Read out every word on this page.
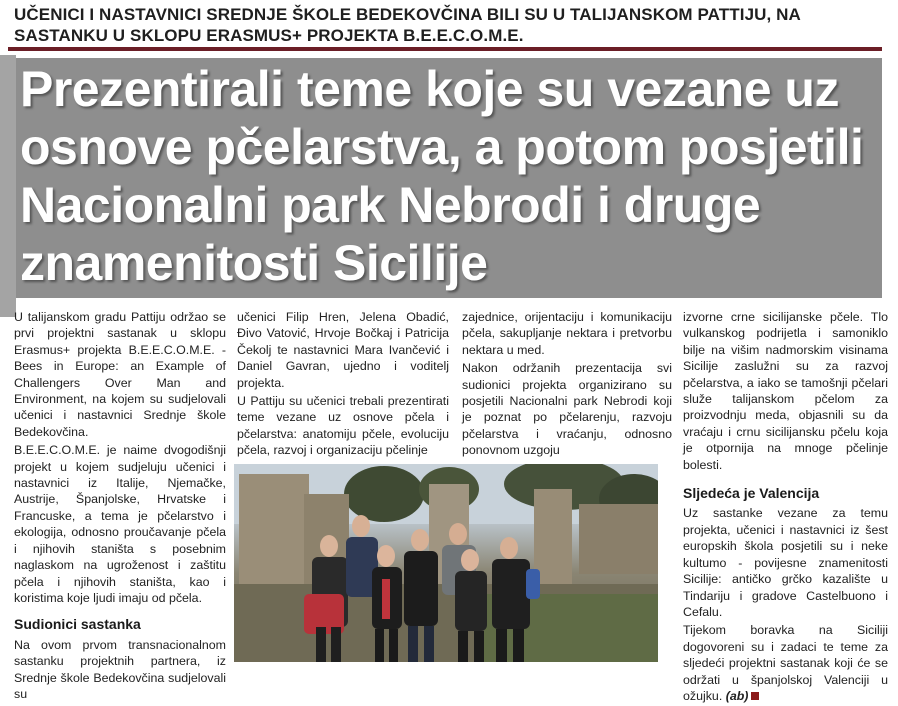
UČENICI I NASTAVNICI SREDNJE ŠKOLE BEDEKOVČINA BILI SU U TALIJANSKOM PATTIJU, NA SASTANKU U SKLOPU ERASMUS+ PROJEKTA B.E.E.C.O.M.E.
Prezentirali teme koje su vezane uz osnove pčelarstva, a potom posjetili Nacionalni park Nebrodi i druge znamenitosti Sicilije

U talijanskom gradu Pattiju održao se prvi projektni sastanak u sklopu Erasmus+ projekta B.E.E.C.O.M.E. - Bees in Europe: an Example of Challengers Over Man and Environment, na kojem su sudjelovali učenici i nastavnici Srednje škole Bedekovčina.

B.E.E.C.O.M.E. je naime dvogodišnji projekt u kojem sudjeluju učenici i nastavnici iz Italije, Njemačke, Austrije, Španjolske, Hrvatske i Francuske, a tema je pčelarstvo i ekologija, odnosno proučavanje pčela i njihovih staništa s posebnim naglaskom na ugroženost i zaštitu pčela i njihovih staništa, kao i koristima koje ljudi imaju od pčela.

Sudionici sastanka

Na ovom prvom transnacionalnom sastanku projektnih partnera, iz Srednje škole Bedekovčina sudjelovali su

učenici Filip Hren, Jelena Obadić, Đivo Vatović, Hrvoje Bočkaj i Patricija Čekolj te nastavnici Mara Ivančević i Daniel Gavran, ujedno i voditelj projekta.

U Pattiju su učenici trebali prezentirati teme vezane uz osnove pčela i pčelarstva: anatomiju pčele, evoluciju pčela, razvoj i organizaciju pčelinje

zajednice, orijentaciju i komunikaciju pčela, sakupljanje nektara i pretvorbu nektara u med.

Nakon održanih prezentacija svi sudionici projekta organizirano su posjetili Nacionalni park Nebrodi koji je poznat po pčelarenju, razvoju pčelarstva i vraćanju, odnosno ponovnom uzgoju

izvorne crne sicilijanske pčele. Tlo vulkanskog podrijetla i samoniklo bilje na višim nadmorskim visinama Sicilije zaslužni su za razvoj pčelarstva, a iako se tamošnji pčelari služe talijanskom pčelom za proizvodnju meda, objasnili su da vraćaju i crnu sicilijansku pčelu koja je otpornija na mnoge pčelinje bolesti.

Sljedeća je Valencija

Uz sastanke vezane za temu projekta, učenici i nastavnici iz šest europskih škola posjetili su i neke kultumo - povijesne znamenitosti Sicilije: antičko grčko kazalište u Tindariju i gradove Castelbuono i Cefalu.

Tijekom boravka na Siciliji dogovoreni su i zadaci te teme za sljedeći projektni sastanak koji će se održati u španjolskoj Valenciji u ožujku. (ab)
